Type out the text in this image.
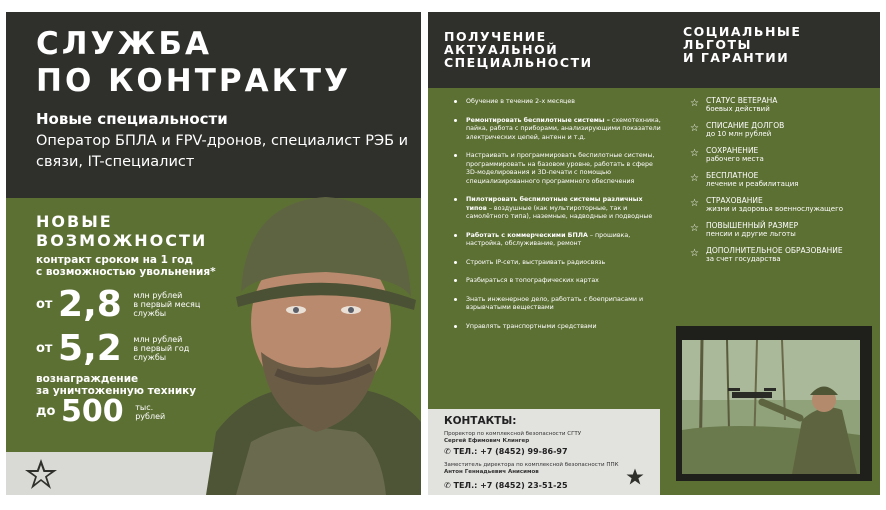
СЛУЖБА
ПО КОНТРАКТУ
Новые специальности
Оператор БПЛА и FPV-дронов, специалист РЭБ и связи, IT-специалист
НОВЫЕ
ВОЗМОЖНОСТИ
контракт сроком на 1 год
с возможностью увольнения*
от 2,8 млн рублей
в первый месяц
службы
от 5,2 млн рублей
в первый год
службы
вознаграждение
за уничтоженную технику
до 500 тыс.
рублей
ПОЛУЧЕНИЕ
АКТУАЛЬНОЙ
СПЕЦИАЛЬНОСТИ
СОЦИАЛЬНЫЕ
ЛЬГОТЫ
И ГАРАНТИИ
Обучение в течение 2-х месяцев
Ремонтировать беспилотные системы – схемотехника, пайка, работа с приборами, анализирующими показатели электрических цепей, антенн и т.д.
Настраивать и программировать беспилотные системы, программировать на базовом уровне, работать в сфере 3D-моделирования и 3D-печати с помощью специализированного программного обеспечения
Пилотировать беспилотные системы различных типов – воздушные (как мультироторные, так и самолётного типа), наземные, надводные и подводные
Работать с коммерческими БПЛА – прошивка, настройка, обслуживание, ремонт
Строить IP-сети, выстраивать радиосвязь
Разбираться в топографических картах
Знать инженерное дело, работать с боеприпасами и взрывчатыми веществами
Управлять транспортными средствами
☆ СТАТУС ВЕТЕРАНА
боевых действий
☆ СПИСАНИЕ ДОЛГОВ
до 10 млн рублей
☆ СОХРАНЕНИЕ
рабочего места
☆ БЕСПЛАТНОЕ
лечение и реабилитация
☆ СТРАХОВАНИЕ
жизни и здоровья военнослужащего
☆ ПОВЫШЕННЫЙ РАЗМЕР
пенсии и другие льготы
☆ ДОПОЛНИТЕЛЬНОЕ ОБРАЗОВАНИЕ
за счет государства
КОНТАКТЫ:
Проректор по комплексной безопасности СГТУ
Сергей Ефимович Клингер
✆ ТЕЛ.: +7 (8452) 99-86-97
Заместитель директора по комплексной безопасности ППК
Антон Геннадьевич Анисимов
✆ ТЕЛ.: +7 (8452) 23-51-25
